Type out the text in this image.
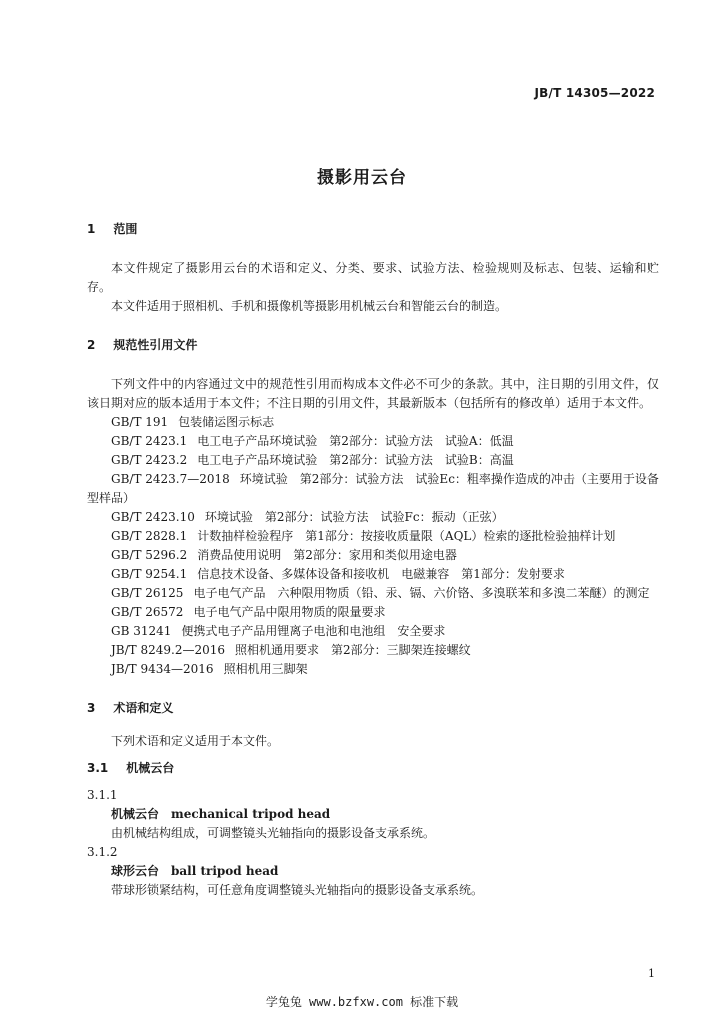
JB/T 14305—2022
摄影用云台
1 范围
本文件规定了摄影用云台的术语和定义、分类、要求、试验方法、检验规则及标志、包装、运输和贮存。
本文件适用于照相机、手机和摄像机等摄影用机械云台和智能云台的制造。
2 规范性引用文件
下列文件中的内容通过文中的规范性引用而构成本文件必不可少的条款。其中，注日期的引用文件，仅该日期对应的版本适用于本文件；不注日期的引用文件，其最新版本（包括所有的修改单）适用于本文件。
GB/T 191 包装储运图示标志
GB/T 2423.1 电工电子产品环境试验　第2部分：试验方法　试验A：低温
GB/T 2423.2 电工电子产品环境试验　第2部分：试验方法　试验B：高温
GB/T 2423.7—2018 环境试验　第2部分：试验方法　试验Ec：粗率操作造成的冲击（主要用于设备型样品）
GB/T 2423.10 环境试验　第2部分：试验方法　试验Fc：振动（正弦）
GB/T 2828.1 计数抽样检验程序　第1部分：按接收质量限（AQL）检索的逐批检验抽样计划
GB/T 5296.2 消费品使用说明　第2部分：家用和类似用途电器
GB/T 9254.1 信息技术设备、多媒体设备和接收机　电磁兼容　第1部分：发射要求
GB/T 26125 电子电气产品　六种限用物质（铅、汞、镉、六价铬、多溴联苯和多溴二苯醚）的测定
GB/T 26572 电子电气产品中限用物质的限量要求
GB 31241 便携式电子产品用锂离子电池和电池组　安全要求
JB/T 8249.2—2016 照相机通用要求　第2部分：三脚架连接螺纹
JB/T 9434—2016 照相机用三脚架
3 术语和定义
下列术语和定义适用于本文件。
3.1 机械云台
3.1.1
机械云台 mechanical tripod head
由机械结构组成，可调整镜头光轴指向的摄影设备支承系统。
3.1.2
球形云台 ball tripod head
带球形锁紧结构，可任意角度调整镜头光轴指向的摄影设备支承系统。
1
学兔兔 www.bzfxw.com 标准下载
